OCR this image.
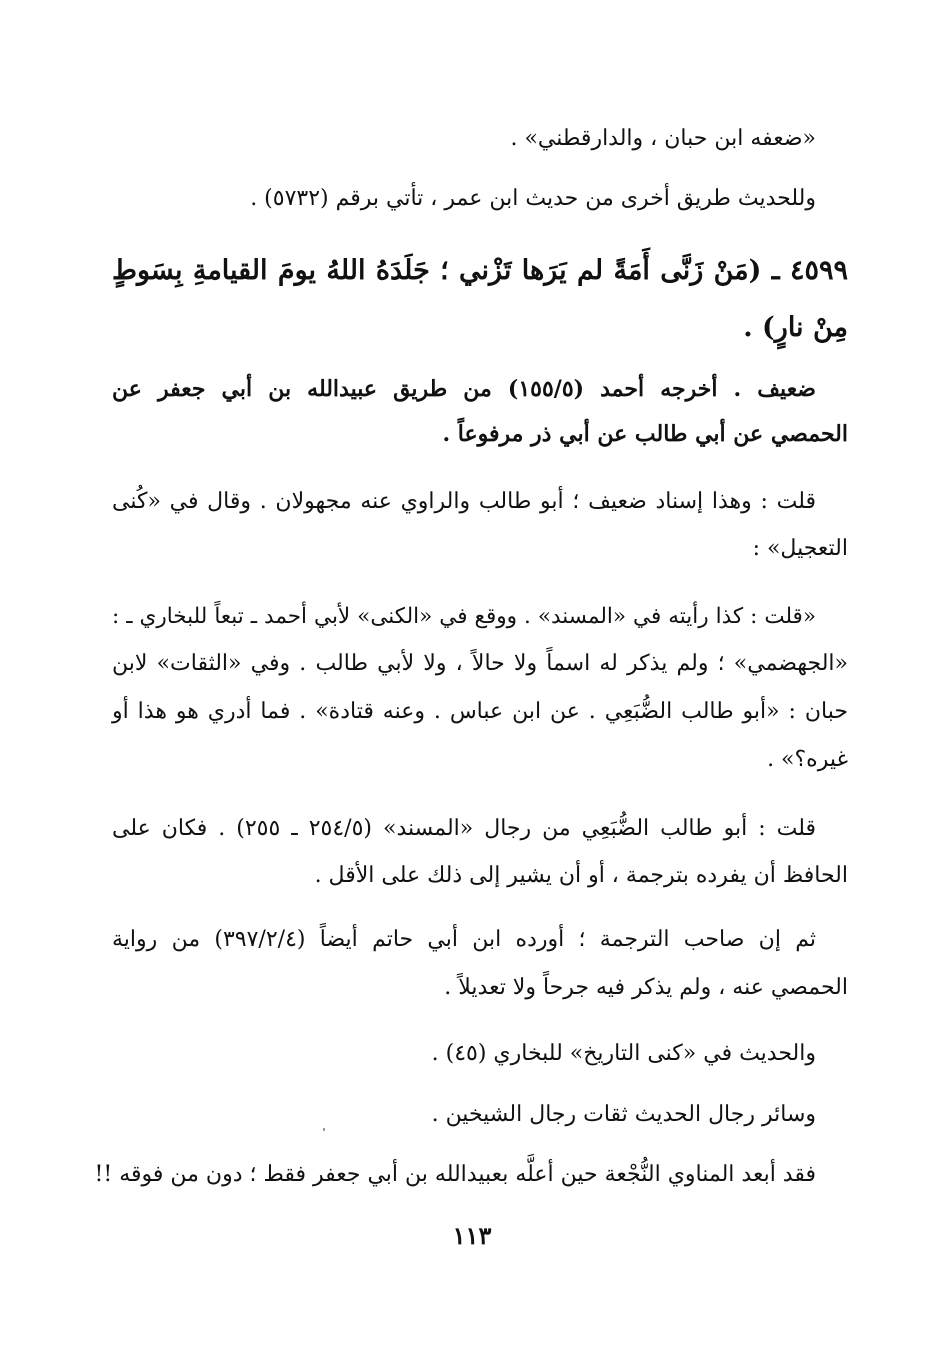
«ضعفه ابن حبان ، والدارقطني» .
وللحديث طريق أخرى من حديث ابن عمر ، تأتي برقم (٥٧٣٢) .
٤٥٩٩ ـ (مَنْ زَنَّى أَمَةً لم يَرَها تَزْني ؛ جَلَدَهُ اللهُ يومَ القيامةِ بِسَوطٍ
مِنْ نارٍ) .
ضعيف . أخرجه أحمد (١٥٥/٥) من طريق عبيدالله بن أبي جعفر عن
الحمصي عن أبي طالب عن أبي ذر مرفوعاً .
قلت : وهذا إسناد ضعيف ؛ أبو طالب والراوي عنه مجهولان . وقال في «كُنى
التعجيل» :
«قلت : كذا رأيته في «المسند» . ووقع في «الكنى» لأبي أحمد ـ تبعاً للبخاري ـ :
«الجهضمي» ؛ ولم يذكر له اسماً ولا حالاً ، ولا لأبي طالب . وفي «الثقات» لابن
حبان : «أبو طالب الضُّبَعِي . عن ابن عباس . وعنه قتادة» . فما أدري هو هذا أو
غيره؟» .
قلت : أبو طالب الضُّبَعِي من رجال «المسند» (٢٥٤/٥ ـ ٢٥٥) . فكان على
الحافظ أن يفرده بترجمة ، أو أن يشير إلى ذلك على الأقل .
ثم إن صاحب الترجمة ؛ أورده ابن أبي حاتم أيضاً (٣٩٧/٢/٤) من رواية
الحمصي عنه ، ولم يذكر فيه جرحاً ولا تعديلاً .
والحديث في «كنى التاريخ» للبخاري (٤٥) .
وسائر رجال الحديث ثقات رجال الشيخين .
فقد أبعد المناوي النُّجْعة حين أعلَّه بعبيدالله بن أبي جعفر فقط ؛ دون من فوقه !!
١١٣
